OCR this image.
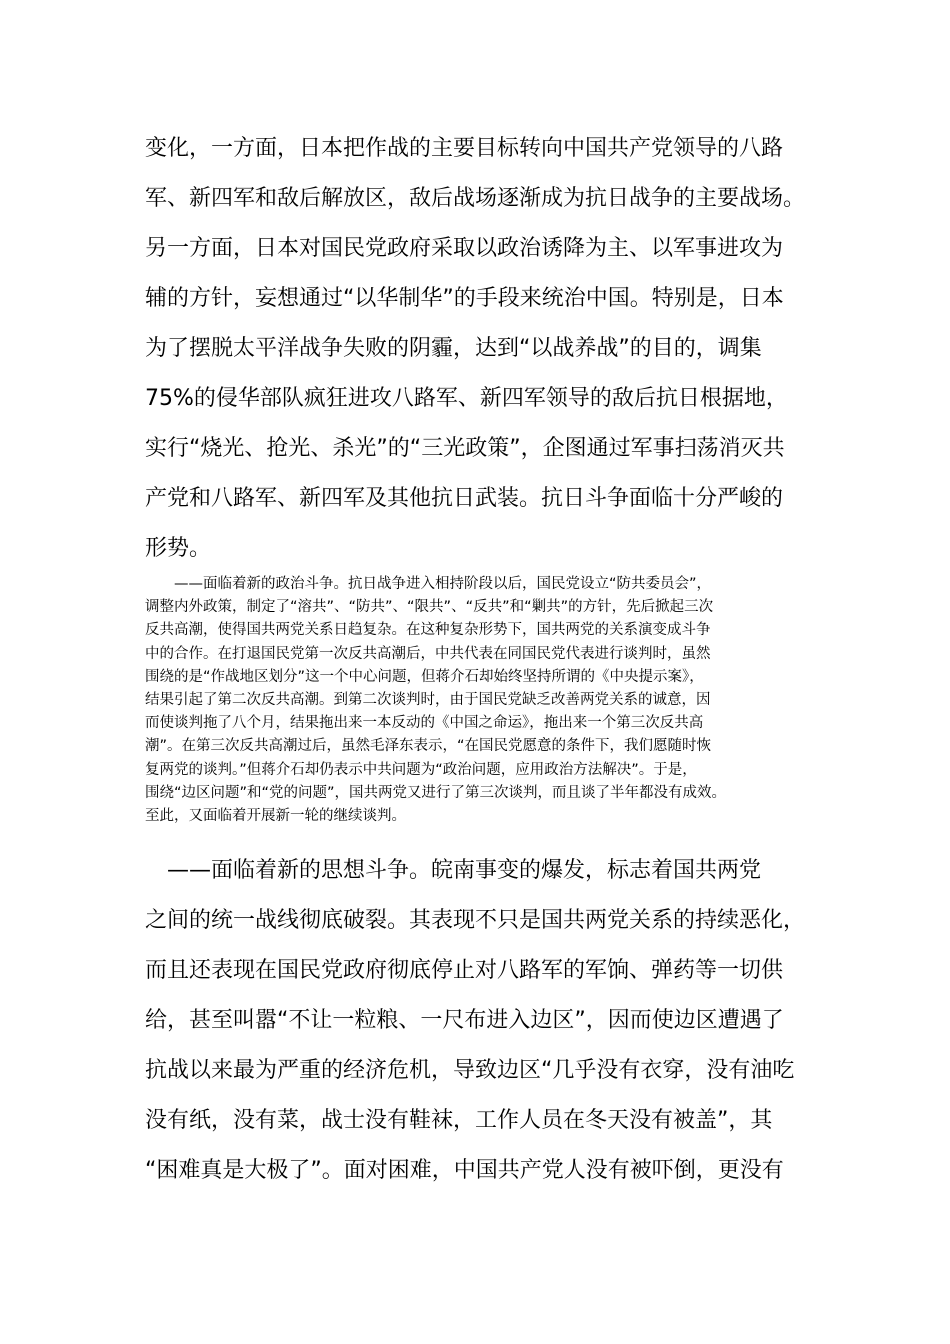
变化，一方面，日本把作战的主要目标转向中国共产党领导的八路
军、新四军和敌后解放区，敌后战场逐渐成为抗日战争的主要战场。
另一方面，日本对国民党政府采取以政治诱降为主、以军事进攻为
辅的方针，妄想通过“以华制华”的手段来统治中国。特别是，日本
为了摆脱太平洋战争失败的阴霾，达到“以战养战”的目的，调集
75%的侵华部队疯狂进攻八路军、新四军领导的敌后抗日根据地，
实行“烧光、抢光、杀光”的“三光政策”，企图通过军事扫荡消灭共
产党和八路军、新四军及其他抗日武装。抗日斗争面临十分严峻的
形势。
　　——面临着新的政治斗争。抗日战争进入相持阶段以后，国民党设立“防共委员会”，
调整内外政策，制定了“溶共”、“防共”、“限共”、“反共”和“剿共”的方针，先后掀起三次
反共高潮，使得国共两党关系日趋复杂。在这种复杂形势下，国共两党的关系演变成斗争
中的合作。在打退国民党第一次反共高潮后，中共代表在同国民党代表进行谈判时，虽然
围绕的是“作战地区划分”这一个中心问题，但蒋介石却始终坚持所谓的《中央提示案》，
结果引起了第二次反共高潮。到第二次谈判时，由于国民党缺乏改善两党关系的诚意，因
而使谈判拖了八个月，结果拖出来一本反动的《中国之命运》，拖出来一个第三次反共高
潮”。在第三次反共高潮过后，虽然毛泽东表示，“在国民党愿意的条件下，我们愿随时恢
复两党的谈判。”但蒋介石却仍表示中共问题为“政治问题，应用政治方法解决”。于是，
围绕“边区问题”和“党的问题”，国共两党又进行了第三次谈判，而且谈了半年都没有成效。
至此，又面临着开展新一轮的继续谈判。
　——面临着新的思想斗争。皖南事变的爆发，标志着国共两党
之间的统一战线彻底破裂。其表现不只是国共两党关系的持续恶化，
而且还表现在国民党政府彻底停止对八路军的军饷、弹药等一切供
给，甚至叫嚣“不让一粒粮、一尺布进入边区”，因而使边区遭遇了
抗战以来最为严重的经济危机，导致边区“几乎没有衣穿，没有油吃
没有纸，没有菜，战士没有鞋袜，工作人员在冬天没有被盖”，其
“困难真是大极了”。面对困难，中国共产党人没有被吓倒，更没有
